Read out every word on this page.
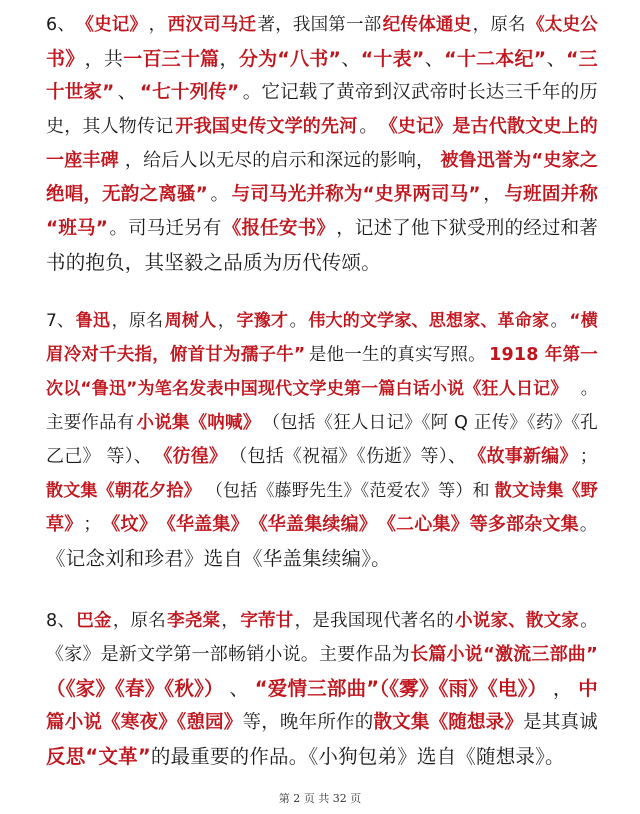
6、 《史记》 ， 西汉司马迁 著，我国第一部 纪传体通史 ，原名 《太史公
书》 ，共 一百三十篇 ， 分为“八书” 、 “十表” 、 “十二本纪” 、 “三
十世家” 、 “七十列传” 。它记载了黄帝到汉武帝时长达三千年的历
史，其人物传记 开我国史传文学的先河 。 《史记》是古代散文史上的
一座丰碑 ，给后人以无尽的启示和深远的影响， 被鲁迅誉为“史家之
绝唱，无韵之离骚” 。 与司马光并称为“史界两司马” ， 与班固并称
“班马” 。司马迁另有 《报任安书》 ，记述了他下狱受刑的经过和著
书的抱负，其坚毅之品质为历代传颂。
7、 鲁迅 ，原名 周树人 ， 字豫才 。 伟大的文学家、思想家、革命家 。 “横
眉冷对千夫指，俯首甘为孺子牛” 是他一生的真实写照。 1918 年第一
次以“鲁迅”为笔名发表中国现代文学史第一篇白话小说《狂人日记》 。
主要作品有 小说集《呐喊》 （包括《狂人日记》《阿 Q 正传》《药》《孔
乙己》 等）、 《彷徨》 （包括《祝福》《伤逝》等）、 《故事新编》 ；
散文集《朝花夕拾》 （包括《藤野先生》《范爱农》等）和 散文诗集《野
草》 ； 《坟》 《华盖集》 《华盖集续编》 《二心集》 等多部杂文集 。
《记念刘和珍君》选自《华盖集续编》。
8、 巴金 ，原名 李尧棠 ， 字芾甘 ，是我国现代著名的 小说家、散文家 。
《家》是新文学第一部畅销小说。主要作品为 长篇小说“激流三部曲”
（《家》《春》《秋》） 、 “爱情三部曲”（《雾》《雨》《电》） ， 中
篇小说《寒夜》《憩园》 等，晚年所作的 散文集《随想录》 是其真诚
反思“文革” 的最重要的作品。《小狗包弟》选自《随想录》。
第 2 页 共 32 页
